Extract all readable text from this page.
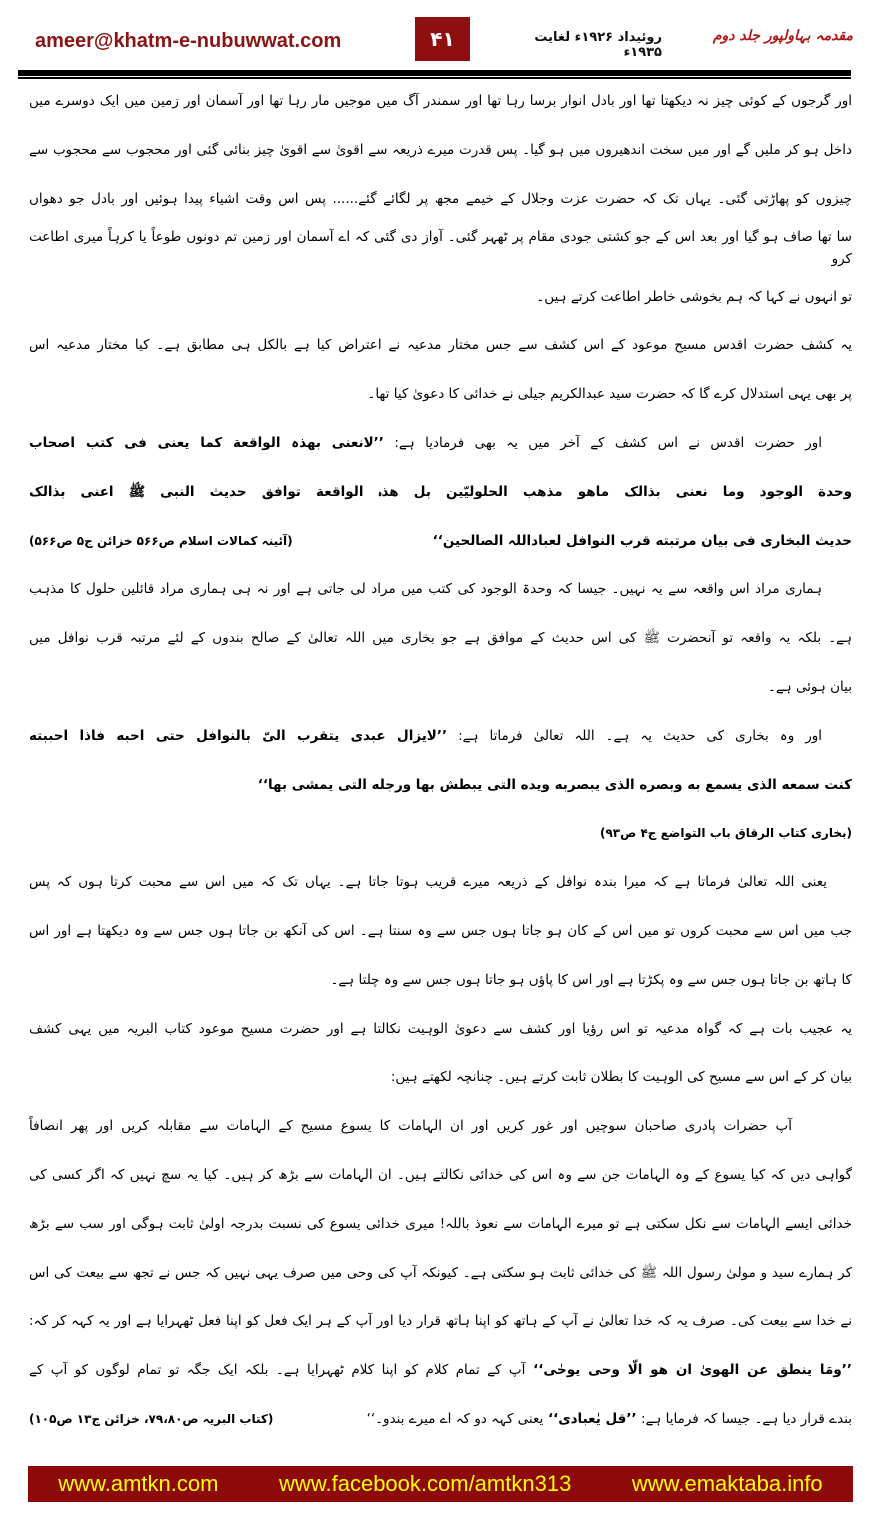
ameer@khatm-e-nubuwwat.com	۴۱	روئیداد ۱۹۲۶ء لغایت ۱۹۳۵ء
مقدمہ بہاولپور جلد دوم
اور گرجوں کے کوئی چیز نہ دیکھتا تھا اور بادل انوار برسا رہا تھا اور سمندر آگ میں موجیں مار رہا تھا اور آسمان اور زمین میں ایک دوسرے میں
داخل ہو کر ملیں گے اور میں سخت اندھیروں میں ہو گیا۔ پس قدرت میرے ذریعہ سے اقویٰ سے اقویٰ چیز بنائی گئی اور محجوب سے محجوب سے
چیزوں کو پھاڑتی گئی۔ یہاں تک کہ حضرت عزت وجلال کے خیمے مجھ پر لگائے گئے...... پس اس وقت اشیاء پیدا ہوئیں اور بادل جو دھواں
سا تھا صاف ہو گیا اور بعد اس کے جو کشتی جودی مقام پر ٹھہر گئی۔ آواز دی گئی کہ اے آسمان اور زمین تم دونوں طوعاً یا کرہاً میری اطاعت کرو
تو انہوں نے کہا کہ ہم بخوشی خاطر اطاعت کرتے ہیں۔
یہ کشف حضرت اقدس مسیح موعود کے اس کشف سے جس مختار مدعیہ نے اعتراض کیا ہے بالکل ہی مطابق ہے۔ کیا مختار مدعیہ اس
پر بھی یہی استدلال کرے گا کہ حضرت سید عبدالکریم جیلی نے خدائی کا دعویٰ کیا تھا۔
اور حضرت اقدس نے اس کشف کے آخر میں یہ بھی فرمادیا ہے: ’’لانعنی بھذہ الواقعة کما یعنی فی کتب اصحاب
وحدة الوجود وما نعنی بذالک ماھو مذھب الحلولیّین بل ھذہ الواقعة توافق حدیث النبی ﷺ اعنی بذالک
حدیث البخاری فی بیان مرتبته قرب النوافل لعباداللہ الصالحین‘‘
(آئینہ کمالات اسلام ص۵۶۶ خزائن ج۵ ص۵۶۶)
ہماری مراد اس واقعہ سے یہ نہیں۔ جیسا کہ وحدۃ الوجود کی کتب میں مراد لی جاتی ہے اور نہ ہی ہماری مراد قائلین حلول کا مذہب
ہے۔ بلکہ یہ واقعہ تو آنحضرت ﷺ کی اس حدیث کے موافق ہے جو بخاری میں اللہ تعالیٰ کے صالح بندوں کے لئے مرتبہ قرب نوافل میں
بیان ہوئی ہے۔
اور وہ بخاری کی حدیث یہ ہے۔ اللہ تعالیٰ فرماتا ہے: ’’لایزال عبدی یتقرب الیّ بالنوافل حتی احبه فاذا احببته
کنت سمعه الذی یسمع به وبصره الذی یبصربه ویده التی یبطش بها ورجله التی یمشی بها‘‘
(بخاری کتاب الرقاق باب التواضع ج۴ ص۹۳)
یعنی اللہ تعالیٰ فرماتا ہے کہ میرا بندہ نوافل کے ذریعہ میرے قریب ہوتا جاتا ہے۔ یہاں تک کہ میں اس سے محبت کرتا ہوں کہ پس
جب میں اس سے محبت کروں تو میں اس کے کان ہو جاتا ہوں جس سے وہ سنتا ہے۔ اس کی آنکھ بن جاتا ہوں جس سے وہ دیکھتا ہے اور اس
کا ہاتھ بن جاتا ہوں جس سے وہ پکڑتا ہے اور اس کا پاؤں ہو جاتا ہوں جس سے وہ چلتا ہے۔
یہ عجیب بات ہے کہ گواہ مدعیہ تو اس رؤیا اور کشف سے دعویٰ الوہیت نکالتا ہے اور حضرت مسیح موعود کتاب البریہ میں یہی کشف
بیان کر کے اس سے مسیح کی الوہیت کا بطلان ثابت کرتے ہیں۔ چنانچہ لکھتے ہیں:
آپ حضرات پادری صاحبان سوچیں اور غور کریں اور ان الہامات کا یسوع مسیح کے الہامات سے مقابلہ کریں اور پھر انصافاً
گواہی دیں کہ کیا یسوع کے وہ الہامات جن سے وہ اس کی خدائی نکالتے ہیں۔ ان الہامات سے بڑھ کر ہیں۔ کیا یہ سچ نہیں کہ اگر کسی کی
خدائی ایسے الہامات سے نکل سکتی ہے تو میرے الہامات سے نعوذ باللہ! میری خدائی یسوع کی نسبت بدرجہ اولیٰ ثابت ہوگی اور سب سے بڑھ
کر ہمارے سید و مولیٰ رسول اللہ ﷺ کی خدائی ثابت ہو سکتی ہے۔ کیونکہ آپ کی وحی میں صرف یہی نہیں کہ جس نے تجھ سے بیعت کی اس
نے خدا سے بیعت کی۔ صرف یہ کہ خدا تعالیٰ نے آپ کے ہاتھ کو اپنا ہاتھ قرار دیا اور آپ کے ہر ایک فعل کو اپنا فعل ٹھہرایا ہے اور یہ کہہ کر کہ:
’’ومَا ینطق عن الھویٰ ان ھو الّا وحی یوحٰی‘‘ آپ کے تمام کلام کو اپنا کلام ٹھہرایا ہے۔ بلکہ ایک جگہ تو تمام لوگوں کو آپ کے
بندے قرار دیا ہے۔ جیسا کہ فرمایا ہے: ’’قل یٰعبادی‘‘ یعنی کہہ دو کہ اے میرے بندو۔‘‘
(کتاب البریہ ص۷۹،۸۰، خزائن ج۱۳ ص۱۰۵)
www.amtkn.com	www.facebook.com/amtkn313	www.emaktaba.info
